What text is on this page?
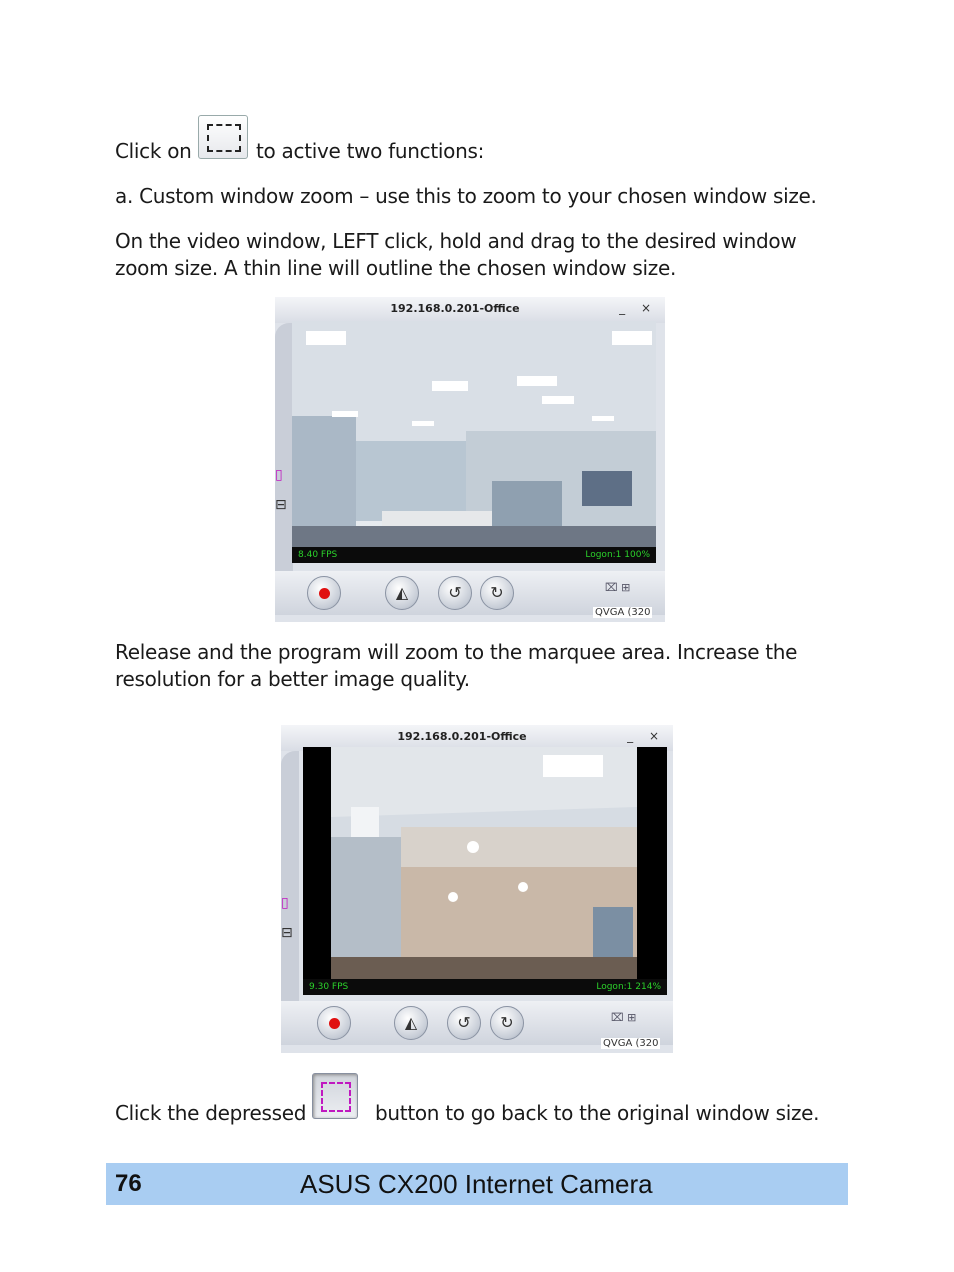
Click on	to active two functions:
a. Custom window zoom – use this to zoom to your chosen window size.
On the video window, LEFT click, hold and drag to the desired window
zoom size. A thin line will outline the chosen window size.
192.168.0.201-Office	_ ×
▯
⊟
8.40 FPS	Logon:1 100%
◭	↺	↻	⌧ ⊞
QVGA (320
Release and the program will zoom to the marquee area. Increase the
resolution for a better image quality.
192.168.0.201-Office	_ ×
▯
⊟
9.30 FPS	Logon:1 214%
◭	↺	↻	⌧ ⊞
QVGA (320
Click the depressed	button to go back to the original window size.
76	ASUS CX200 Internet Camera
